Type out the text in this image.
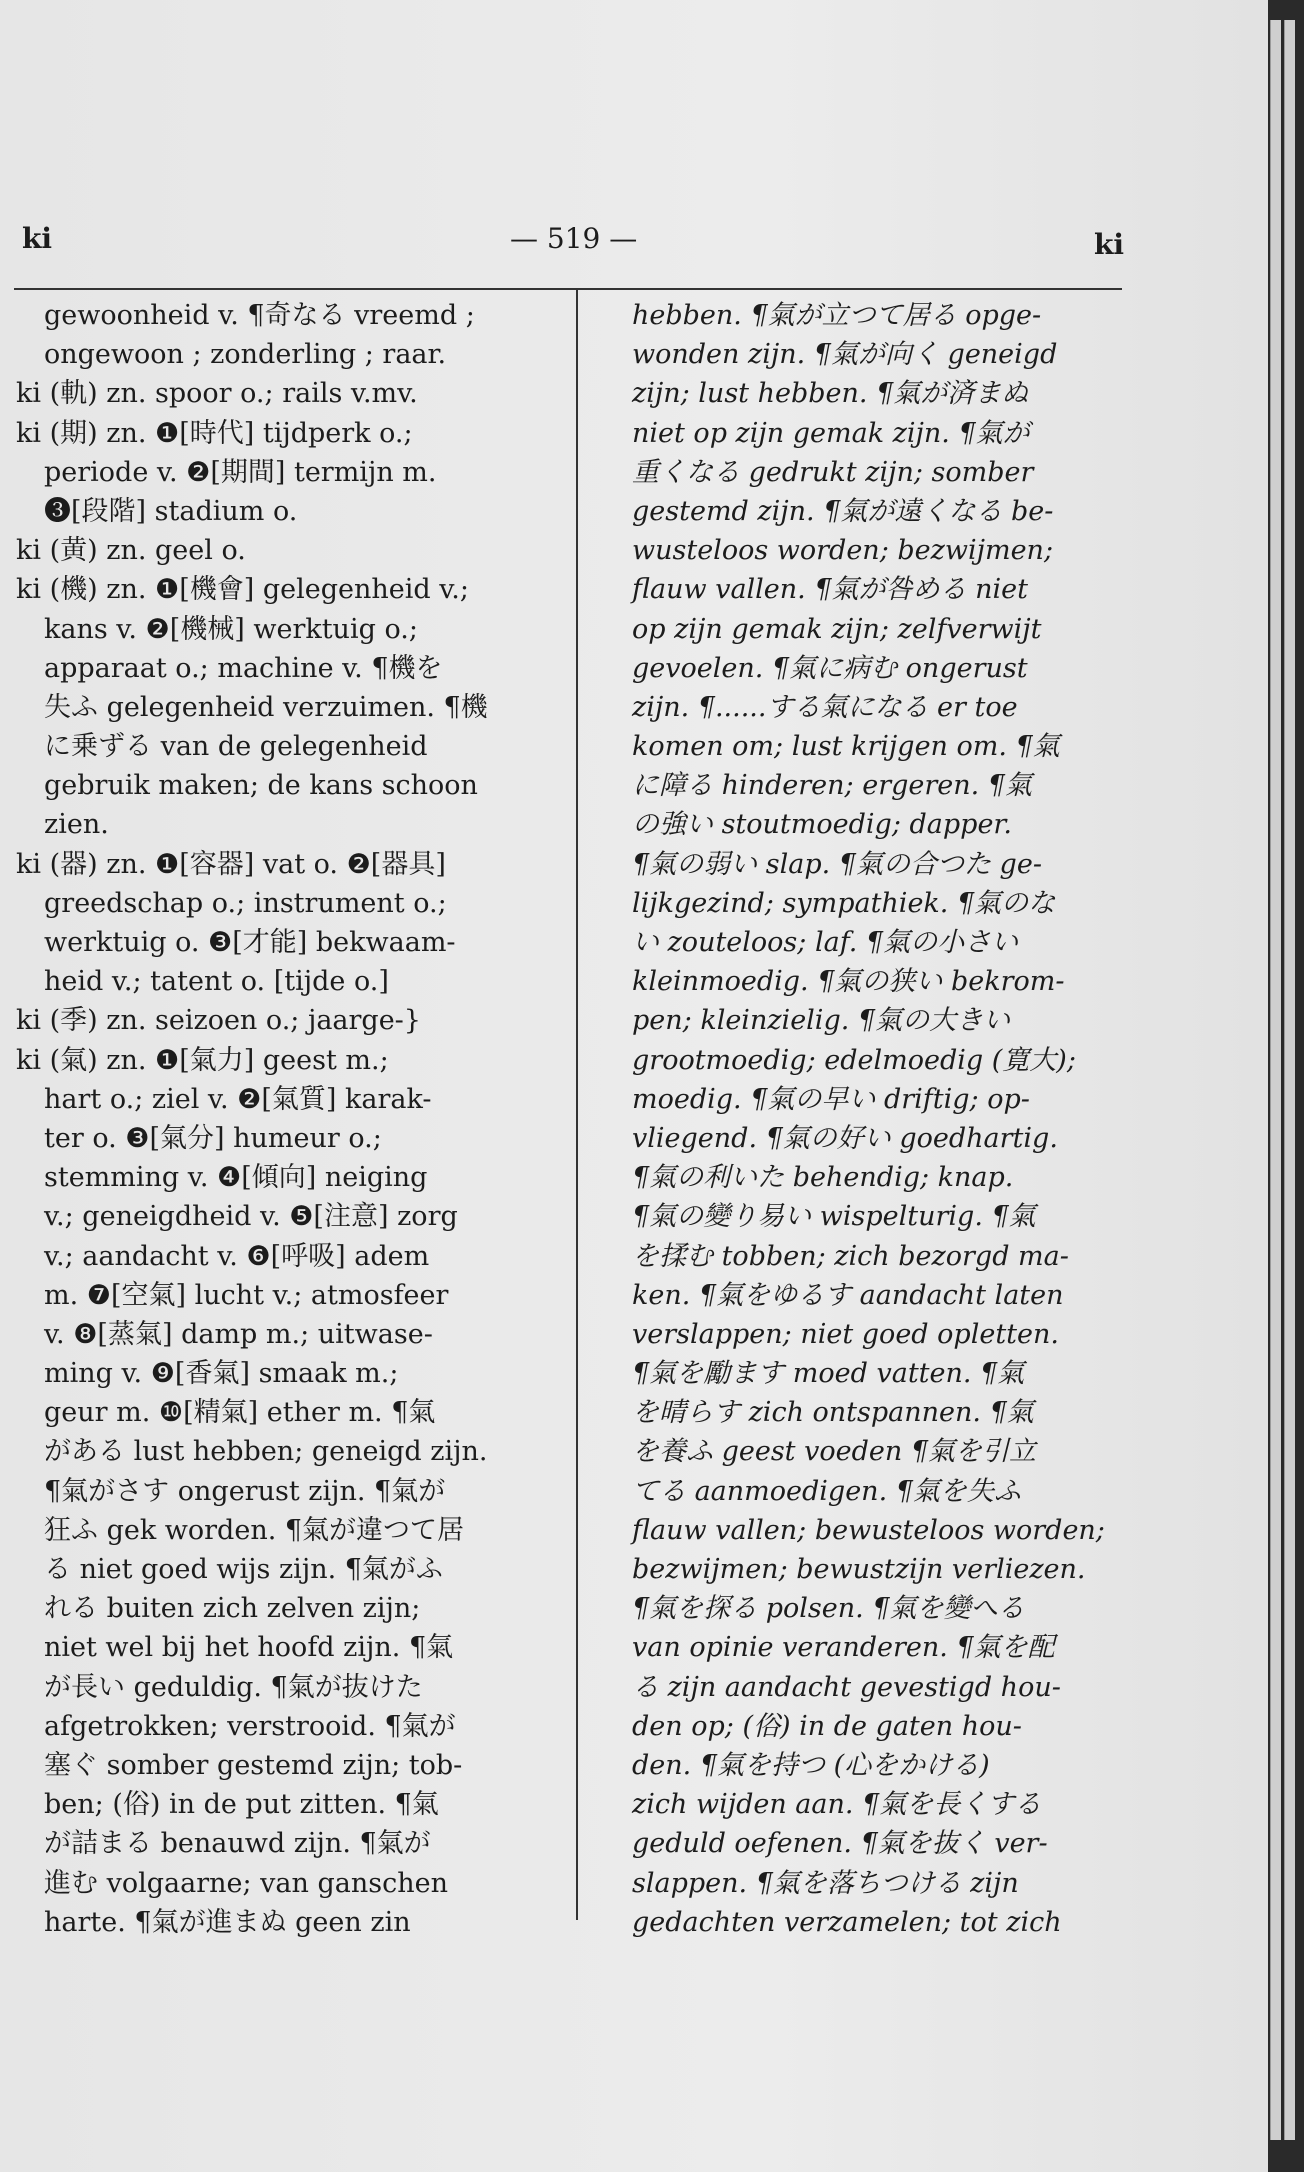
ki	— 519 —	ki
gewoonheid v. ¶奇なる vreemd ;
ongewoon ; zonderling ; raar.
ki (軌) zn. spoor o.; rails v.mv.
ki (期) zn. ❶[時代] tijdperk o.;
periode v. ❷[期間] termijn m.
❸[段階] stadium o.
ki (黄) zn. geel o.
ki (機) zn. ❶[機會] gelegenheid v.;
kans v. ❷[機械] werktuig o.;
apparaat o.; machine v. ¶機を
失ふ gelegenheid verzuimen. ¶機
に乗ずる van de gelegenheid
gebruik maken; de kans schoon
zien.
ki (器) zn. ❶[容器] vat o. ❷[器具]
greedschap o.; instrument o.;
werktuig o. ❸[才能] bekwaam-
heid v.; tatent o. [tijde o.]
ki (季) zn. seizoen o.; jaarge-}
ki (氣) zn. ❶[氣力] geest m.;
hart o.; ziel v. ❷[氣質] karak-
ter o. ❸[氣分] humeur o.;
stemming v. ❹[傾向] neiging
v.; geneigdheid v. ❺[注意] zorg
v.; aandacht v. ❻[呼吸] adem
m. ❼[空氣] lucht v.; atmosfeer
v. ❽[蒸氣] damp m.; uitwase-
ming v. ❾[香氣] smaak m.;
geur m. ❿[精氣] ether m. ¶氣
がある lust hebben; geneigd zijn.
¶氣がさす ongerust zijn. ¶氣が
狂ふ gek worden. ¶氣が違つて居
る niet goed wijs zijn. ¶氣がふ
れる buiten zich zelven zijn;
niet wel bij het hoofd zijn. ¶氣
が長い geduldig. ¶氣が抜けた
afgetrokken; verstrooid. ¶氣が
塞ぐ somber gestemd zijn; tob-
ben; (俗) in de put zitten. ¶氣
が詰まる benauwd zijn. ¶氣が
進む volgaarne; van ganschen
harte. ¶氣が進まぬ geen zin
hebben. ¶氣が立つて居る opge-
wonden zijn. ¶氣が向く geneigd
zijn; lust hebben. ¶氣が済まぬ
niet op zijn gemak zijn. ¶氣が
重くなる gedrukt zijn; somber
gestemd zijn. ¶氣が遠くなる be-
wusteloos worden; bezwijmen;
flauw vallen. ¶氣が咎める niet
op zijn gemak zijn; zelfverwijt
gevoelen. ¶氣に病む ongerust
zijn. ¶......する氣になる er toe
komen om; lust krijgen om. ¶氣
に障る hinderen; ergeren. ¶氣
の強い stoutmoedig; dapper.
¶氣の弱い slap. ¶氣の合つた ge-
lijkgezind; sympathiek. ¶氣のな
い zouteloos; laf. ¶氣の小さい
kleinmoedig. ¶氣の狭い bekrom-
pen; kleinzielig. ¶氣の大きい
grootmoedig; edelmoedig (寛大);
moedig. ¶氣の早い driftig; op-
vliegend. ¶氣の好い goedhartig.
¶氣の利いた behendig; knap.
¶氣の變り易い wispelturig. ¶氣
を揉む tobben; zich bezorgd ma-
ken. ¶氣をゆるす aandacht laten
verslappen; niet goed opletten.
¶氣を勵ます moed vatten. ¶氣
を晴らす zich ontspannen. ¶氣
を養ふ geest voeden ¶氣を引立
てる aanmoedigen. ¶氣を失ふ
flauw vallen; bewusteloos worden;
bezwijmen; bewustzijn verliezen.
¶氣を探る polsen. ¶氣を變へる
van opinie veranderen. ¶氣を配
る zijn aandacht gevestigd hou-
den op; (俗) in de gaten hou-
den. ¶氣を持つ (心をかける)
zich wijden aan. ¶氣を長くする
geduld oefenen. ¶氣を抜く ver-
slappen. ¶氣を落ちつける zijn
gedachten verzamelen; tot zich
